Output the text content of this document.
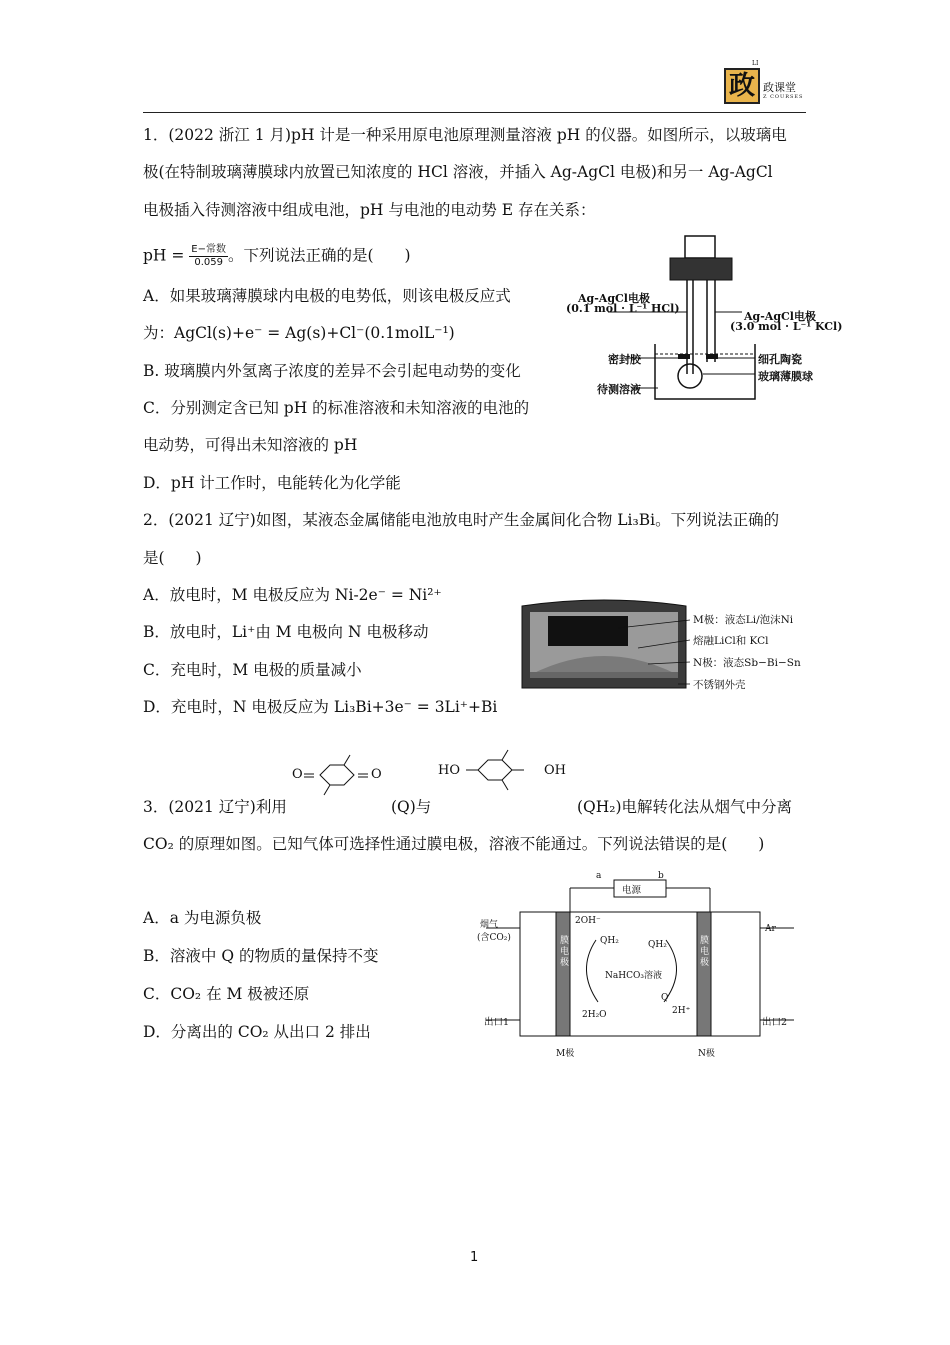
政
LI
政课堂
Z COURSES
1．(2022 浙江 1 月)pH 计是一种采用原电池原理测量溶液 pH 的仪器。如图所示，以玻璃电
极(在特制玻璃薄膜球内放置已知浓度的 HCl 溶液，并插入 Ag-AgCl 电极)和另一 Ag-AgCl
电极插入待测溶液中组成电池，pH 与电池的电动势 E 存在关系：
pH = $\frac{\text{E−常数}}{0.059}$ 。下列说法正确的是(　　)
A．如果玻璃薄膜球内电极的电势低，则该电极反应式
为：AgCl(s)+e⁻ = Ag(s)+Cl⁻(0.1molL⁻¹)
B. 玻璃膜内外氢离子浓度的差异不会引起电动势的变化
C．分别测定含已知 pH 的标准溶液和未知溶液的电池的
电动势，可得出未知溶液的 pH
D．pH 计工作时，电能转化为化学能
Ag-AgCl电极
(0.1 mol · L⁻¹ HCl)
Ag-AgCl电极
(3.0 mol · L⁻¹ KCl)
密封胶
待测溶液
细孔陶瓷
玻璃薄膜球
2．(2021 辽宁)如图，某液态金属储能电池放电时产生金属间化合物 Li₃Bi。下列说法正确的
是(　　)
A．放电时，M 电极反应为 Ni-2e⁻ = Ni²⁺
B．放电时，Li⁺由 M 电极向 N 电极移动
C．充电时，M 电极的质量减小
D．充电时，N 电极反应为 Li₃Bi+3e⁻ = 3Li⁺+Bi
M极：液态Li/泡沫Ni
熔融LiCl和 KCl
N极：液态Sb−Bi−Sn
不锈钢外壳
O	O	HO	OH
3．(2021 辽宁)利用	(Q)与	(QH₂)电解转化法从烟气中分离
CO₂ 的原理如图。已知气体可选择性通过膜电极，溶液不能通过。下列说法错误的是(　　)
A．a 为电源负极
B．溶液中 Q 的物质的量保持不变
C．CO₂ 在 M 极被还原
D．分离出的 CO₂ 从出口 2 排出
a	b
电源
烟气
(含CO₂)
2OH⁻
QH₂	QH₂
膜电极
膜电极
NaHCO₃溶液
Q
2H₂O	2H⁺
Ar
出口1	出口2
M极	N极
1
